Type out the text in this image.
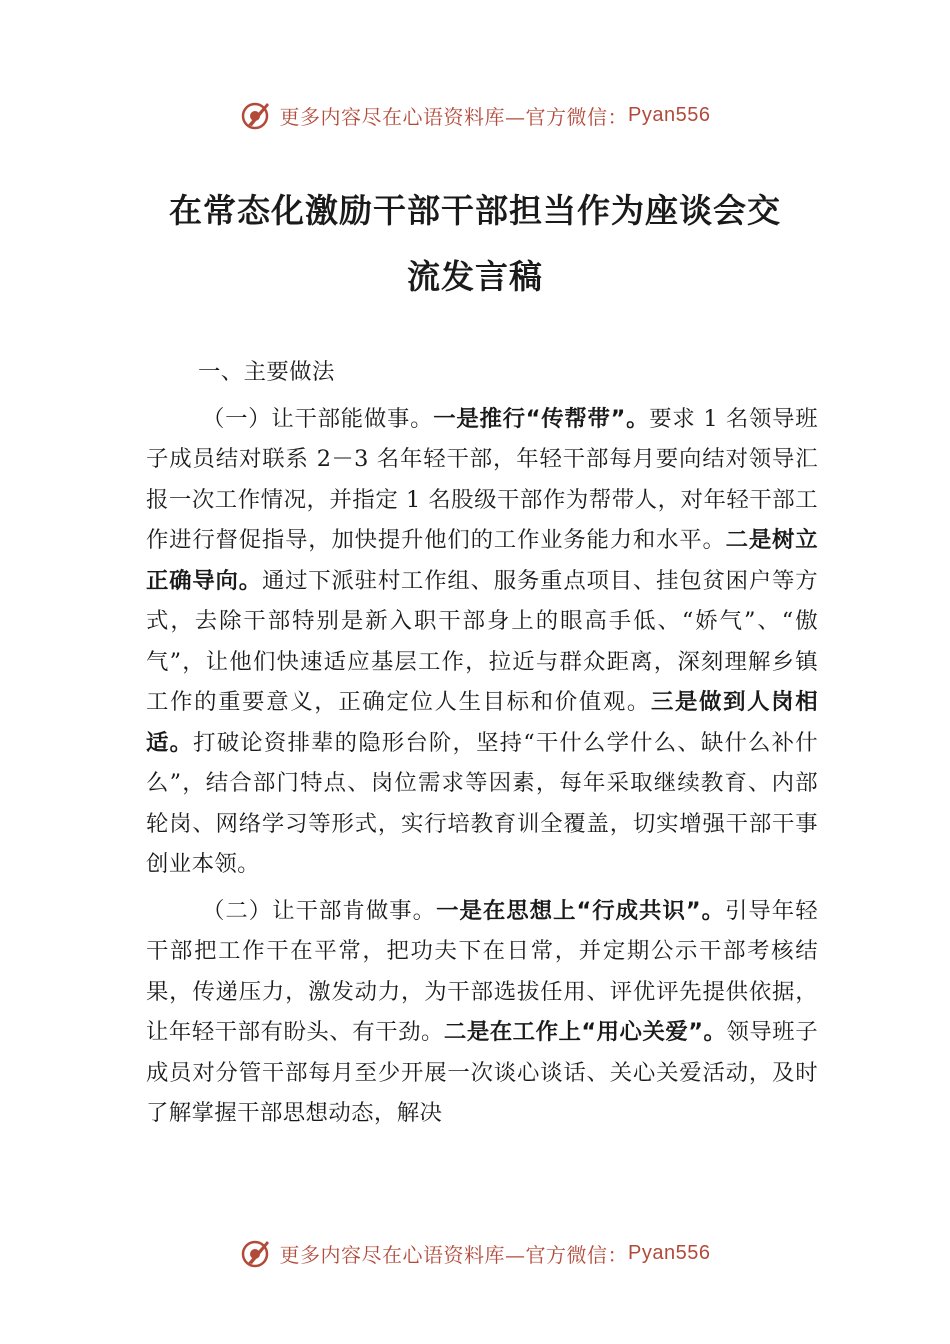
更多内容尽在心语资料库—官方微信： Pyan556
在常态化激励干部干部担当作为座谈会交
流发言稿

一、主要做法

（一）让干部能做事。一是推行“传帮带”。要求 1 名领导班子成员结对联系 2－3 名年轻干部，年轻干部每月要向结对领导汇报一次工作情况，并指定 1 名股级干部作为帮带人，对年轻干部工作进行督促指导，加快提升他们的工作业务能力和水平。二是树立正确导向。通过下派驻村工作组、服务重点项目、挂包贫困户等方式，去除干部特别是新入职干部身上的眼高手低、“娇气”、“傲气”，让他们快速适应基层工作，拉近与群众距离，深刻理解乡镇工作的重要意义，正确定位人生目标和价值观。三是做到人岗相适。打破论资排辈的隐形台阶，坚持“干什么学什么、缺什么补什么”，结合部门特点、岗位需求等因素，每年采取继续教育、内部轮岗、网络学习等形式，实行培教育训全覆盖，切实增强干部干事创业本领。

（二）让干部肯做事。一是在思想上“行成共识”。引导年轻干部把工作干在平常，把功夫下在日常，并定期公示干部考核结果，传递压力，激发动力，为干部选拔任用、评优评先提供依据，让年轻干部有盼头、有干劲。二是在工作上“用心关爱”。领导班子成员对分管干部每月至少开展一次谈心谈话、关心关爱活动，及时了解掌握干部思想动态，解决

更多内容尽在心语资料库—官方微信： Pyan556
